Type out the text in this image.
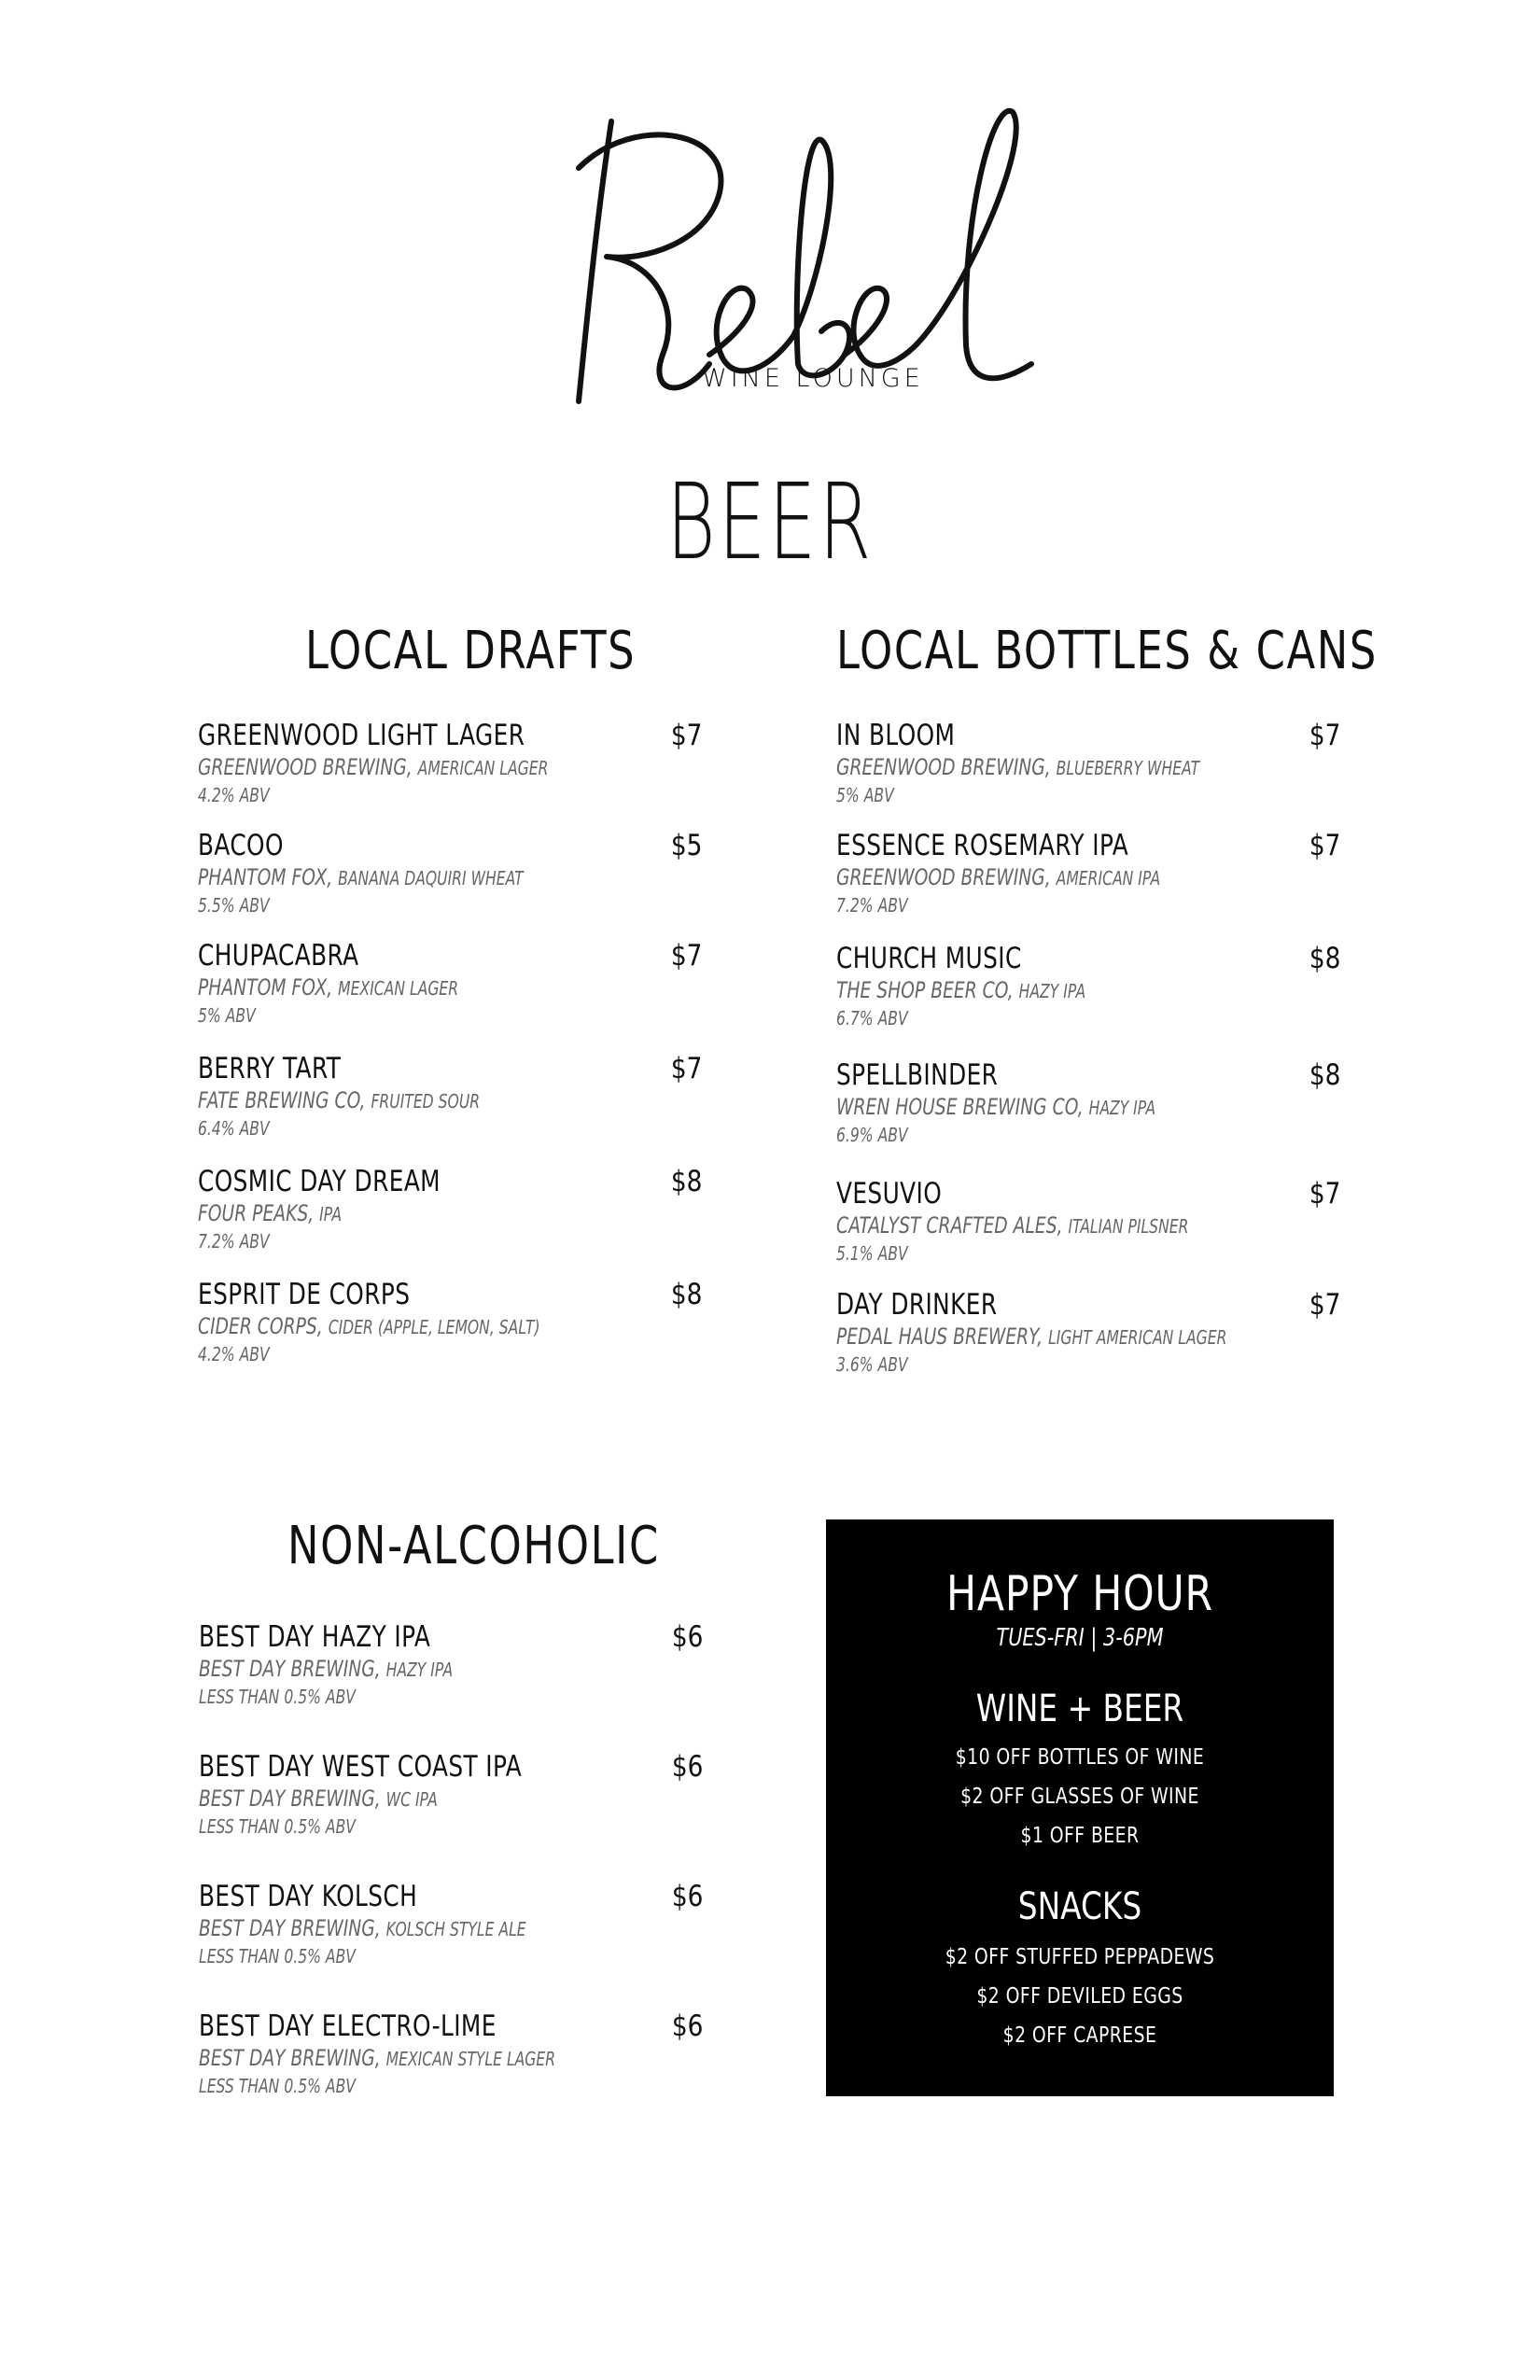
WINE LOUNGE
BEER
LOCAL DRAFTS
GREENWOOD LIGHT LAGER	$7
GREENWOOD BREWING, AMERICAN LAGER
4.2% ABV
BACOO	$5
PHANTOM FOX, BANANA DAQUIRI WHEAT
5.5% ABV
CHUPACABRA	$7
PHANTOM FOX, MEXICAN LAGER
5% ABV
BERRY TART	$7
FATE BREWING CO, FRUITED SOUR
6.4% ABV
COSMIC DAY DREAM	$8
FOUR PEAKS, IPA
7.2% ABV
ESPRIT DE CORPS	$8
CIDER CORPS, CIDER (APPLE, LEMON, SALT)
4.2% ABV
LOCAL BOTTLES & CANS
IN BLOOM	$7
GREENWOOD BREWING, BLUEBERRY WHEAT
5% ABV
ESSENCE ROSEMARY IPA	$7
GREENWOOD BREWING, AMERICAN IPA
7.2% ABV
CHURCH MUSIC	$8
THE SHOP BEER CO, HAZY IPA
6.7% ABV
SPELLBINDER	$8
WREN HOUSE BREWING CO, HAZY IPA
6.9% ABV
VESUVIO	$7
CATALYST CRAFTED ALES, ITALIAN PILSNER
5.1% ABV
DAY DRINKER	$7
PEDAL HAUS BREWERY, LIGHT AMERICAN LAGER
3.6% ABV
NON-ALCOHOLIC
BEST DAY HAZY IPA	$6
BEST DAY BREWING, HAZY IPA
LESS THAN 0.5% ABV
BEST DAY WEST COAST IPA	$6
BEST DAY BREWING, WC IPA
LESS THAN 0.5% ABV
BEST DAY KOLSCH	$6
BEST DAY BREWING, KOLSCH STYLE ALE
LESS THAN 0.5% ABV
BEST DAY ELECTRO-LIME	$6
BEST DAY BREWING, MEXICAN STYLE LAGER
LESS THAN 0.5% ABV
HAPPY HOUR
TUES-FRI | 3-6PM
WINE + BEER
$10 OFF BOTTLES OF WINE
$2 OFF GLASSES OF WINE
$1 OFF BEER
SNACKS
$2 OFF STUFFED PEPPADEWS
$2 OFF DEVILED EGGS
$2 OFF CAPRESE
